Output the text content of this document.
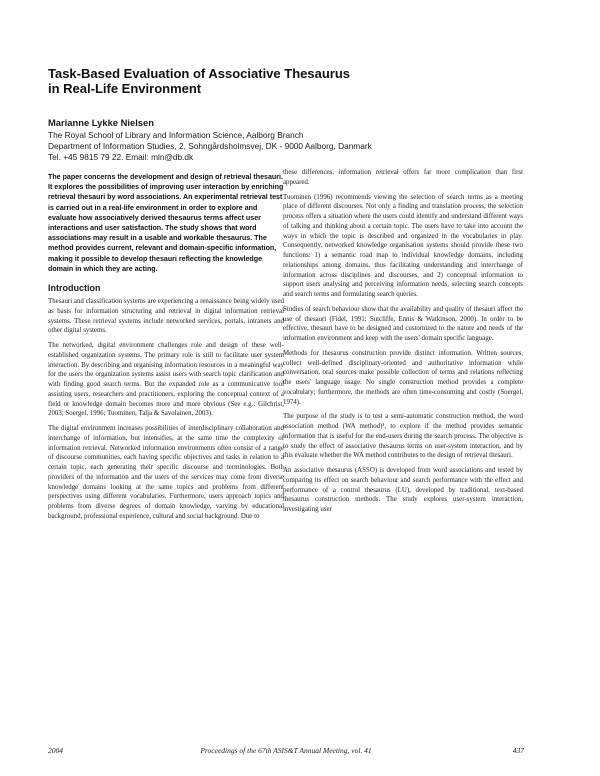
Task-Based Evaluation of Associative Thesaurus
in Real-Life Environment
Marianne Lykke Nielsen
The Royal School of Library and Information Science, Aalborg Branch
Department of Information Studies, 2, Sohngårdsholmsvej, DK - 9000 Aalborg, Danmark
Tel. +45 9815 79 22. Email: mln@db.dk

The paper concerns the development and design of retrieval thesauri. It explores the possibilities of improving user interaction by enriching retrieval thesauri by word associations. An experimental retrieval test is carried out in a real-life environment in order to explore and evaluate how associatively derived thesaurus terms affect user interactions and user satisfaction. The study shows that word associations may result in a usable and workable thesaurus. The method provides current, relevant and domain-specific information, making it possible to develop thesauri reflecting the knowledge domain in which they are acting.

Introduction

Thesauri and classification systems are experiencing a renaissance being widely used as basis for information structuring and retrieval in digital information retrieval systems. These retrieval systems include networked services, portals, intranets and other digital systems.

The networked, digital environment challenges role and design of these well-established organization systems. The primary role is still to facilitate user system interaction. By describing and organising information resources in a meaningful way for the users the organization systems assist users with search topic clarification and with finding good search terms. But the expanded role as a communicative tool assisting users, researchers and practitioners, exploring the conceptual context of a field or knowledge domain becomes more and more obvious (See e.g.: Gilchrist, 2003; Soergel, 1996; Tuominen, Talja & Savolainen, 2003).

The digital environment increases possibilities of interdisciplinary collaboration and interchange of information, but intensifies, at the same time the complexity of information retrieval. Networked information environments often consist of a range of discourse communities, each having specific objectives and tasks in relation to a certain topic, each generating their specific discourse and terminologies. Both providers of the information and the users of the services may come from diverse knowledge domains looking at the same topics and problems from different perspectives using different vocabularies. Furthermore, users approach topics and problems from diverse degrees of domain knowledge, varying by educational background, professional experience, cultural and social background. Due to

these differences, information retrieval offers far more complication than first appeared.

Tuominen (1996) recommends viewing the selection of search terms as a meeting place of different discourses. Not only a finding and translation process, the selection process offers a situation where the users could identify and understand different ways of talking and thinking about a certain topic. The users have to take into account the ways in which the topic is described and organized in the vocabularies in play. Consequently, networked knowledge organisation systems should provide these two functions: 1) a semantic road map to individual knowledge domains, including relationships among domains, thus facilitating understanding and interchange of information across disciplines and discourses, and 2) conceptual information to support users analysing and perceiving information needs, selecting search concepts and search terms and formulating search queries.

Studies of search behaviour show that the availability and quality of thesauri affect the use of thesauri (Fidel, 1991; Sutcliffe, Ennis & Watkinson, 2000). In order to be effective, thesauri have to be designed and customized to the nature and needs of the information environment and keep with the users' domain specific language.

Methods for thesaurus construction provide distinct information. Written sources, collect well-defined disciplinary-oriented and authoritative information while conversation, oral sources make possible collection of terms and relations reflecting the users' language usage. No single construction method provides a complete vocabulary; furthermore, the methods are often time-consuming and costly (Soergel, 1974).

The purpose of the study is to test a semi-automatic construction method, the word association method (WA method)¹, to explore if the method provides semantic information that is useful for the end-users during the search process. The objective is to study the effect of associative thesaurus terms on user-system interaction, and by this evaluate whether the WA method contributes to the design of retrieval thesauri.

An associative thesaurus (ASSO) is developed from word associations and tested by comparing its effect on search behaviour and search performance with the effect and performance of a control thesaurus (LU), developed by traditional, text-based thesaurus construction methods. The study explores user-system interaction, investigating user

2004	Proceedings of the 67th ASIS&T Annual Meeting, vol. 41	437
